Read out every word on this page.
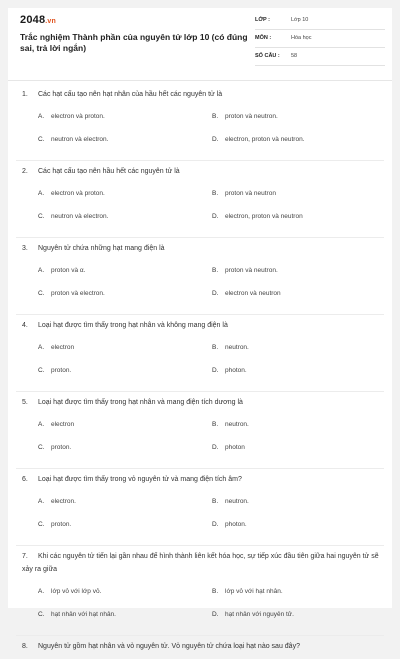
2048.vn
Trắc nghiệm Thành phần của nguyên tử lớp 10 (có đúng sai, trả lời ngắn)
LỚP :	Lớp 10
MÔN :	Hóa học
SỐ CÂU : 58
1. Các hạt cấu tạo nên hạt nhân của hầu hết các nguyên tử là
A. electron và proton.	B. proton và neutron.
C. neutron và electron.	D. electron, proton và neutron.
2. Các hạt cấu tạo nên hầu hết các nguyên tử là
A. electron và proton.	B. proton và neutron
C. neutron và electron.	D. electron, proton và neutron
3. Nguyên tử chứa những hạt mang điện là
A. proton và α.	B. proton và neutron.
C. proton và electron.	D. electron và neutron
4. Loại hạt được tìm thấy trong hạt nhân và không mang điện là
A. electron	B. neutron.
C. proton.	D. photon.
5. Loại hạt được tìm thấy trong hạt nhân và mang điện tích dương là
A. electron	B. neutron.
C. proton.	D. photon
6. Loại hạt được tìm thấy trong vỏ nguyên tử và mang điện tích âm?
A. electron.	B. neutron.
C. proton.	D. photon.
7. Khi các nguyên tử tiến lại gần nhau để hình thành liên kết hóa học, sự tiếp xúc đầu tiên giữa hai nguyên tử sẽ xảy ra giữa
A. lớp vỏ với lớp vỏ.	B. lớp vỏ với hạt nhân.
C. hạt nhân với hạt nhân.	D. hạt nhân với nguyên tử.
8. Nguyên tử gồm hạt nhân và vỏ nguyên tử. Vỏ nguyên tử chứa loại hạt nào sau đây?
